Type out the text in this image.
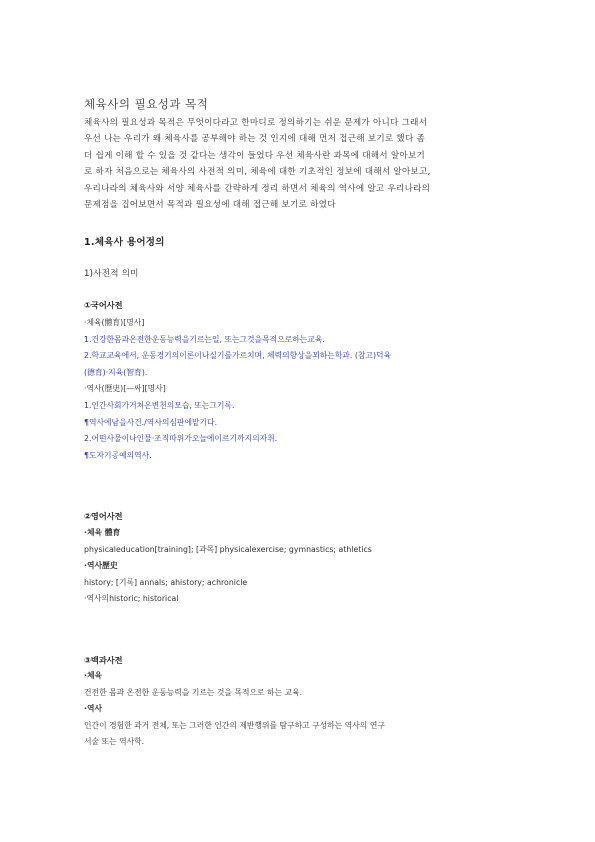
체육사의 필요성과 목적
체육사의 필요성과 목적은 무엇이다라고 한마디로 정의하기는 쉬운 문제가 아니다 그래서
우선 나는 우리가 왜 체육사를 공부해야 하는 것 인지에 대해 먼저 접근해 보기로 했다 좀
더 쉽게 이해 할 수 있을 것 같다는 생각이 들었다 우선 체육사란 과목에 대해서 알아보기
로 하자 처음으로는 체육사의 사전적 의미, 체육에 대한 기초적인 정보에 대해서 알아보고,
우리나라의 체육사와 서양 체육사를 간략하게 정리 하면서 체육의 역사에 알고 우리나라의
문제점을 집어보면서 목적과 필요성에 대해 접근해 보기로 하였다
1.체육사 용어정의
1)사전적 의미
①국어사전
·체육(體育)[명사]
1.건강한몸과온전한운동능력을기르는일, 또는그것을목적으로하는교육.
2.학교교육에서, 운동경기의이론이나실기를가르치며, 체력의향상을꾀하는학과. (참고)덕육
(德育)·지육(智育).
·역사(歷史)[—싸][명사]
1.인간사회가거쳐온변천의모습, 또는그기록.
¶역사에남을사건./역사의심판에맡기다.
2.어떤사물이나인물·조직따위가오늘에이르기까지의자취.
¶도자기공예의역사.
②영어사전
·체육 體育
physicaleducation[training]; [과목] physicalexercise; gymnastics; athletics
·역사歷史
history; [기록] annals; ahistory; achronicle
·역사의historic; historical
③백과사전
·체육
건전한 몸과 온전한 운동능력을 기르는 것을 목적으로 하는 교육.
·역사
인간이 경험한 과거 전체, 또는 그러한 인간의 제반행위를 탐구하고 구성하는 역사의 연구
서술 또는 역사학.
